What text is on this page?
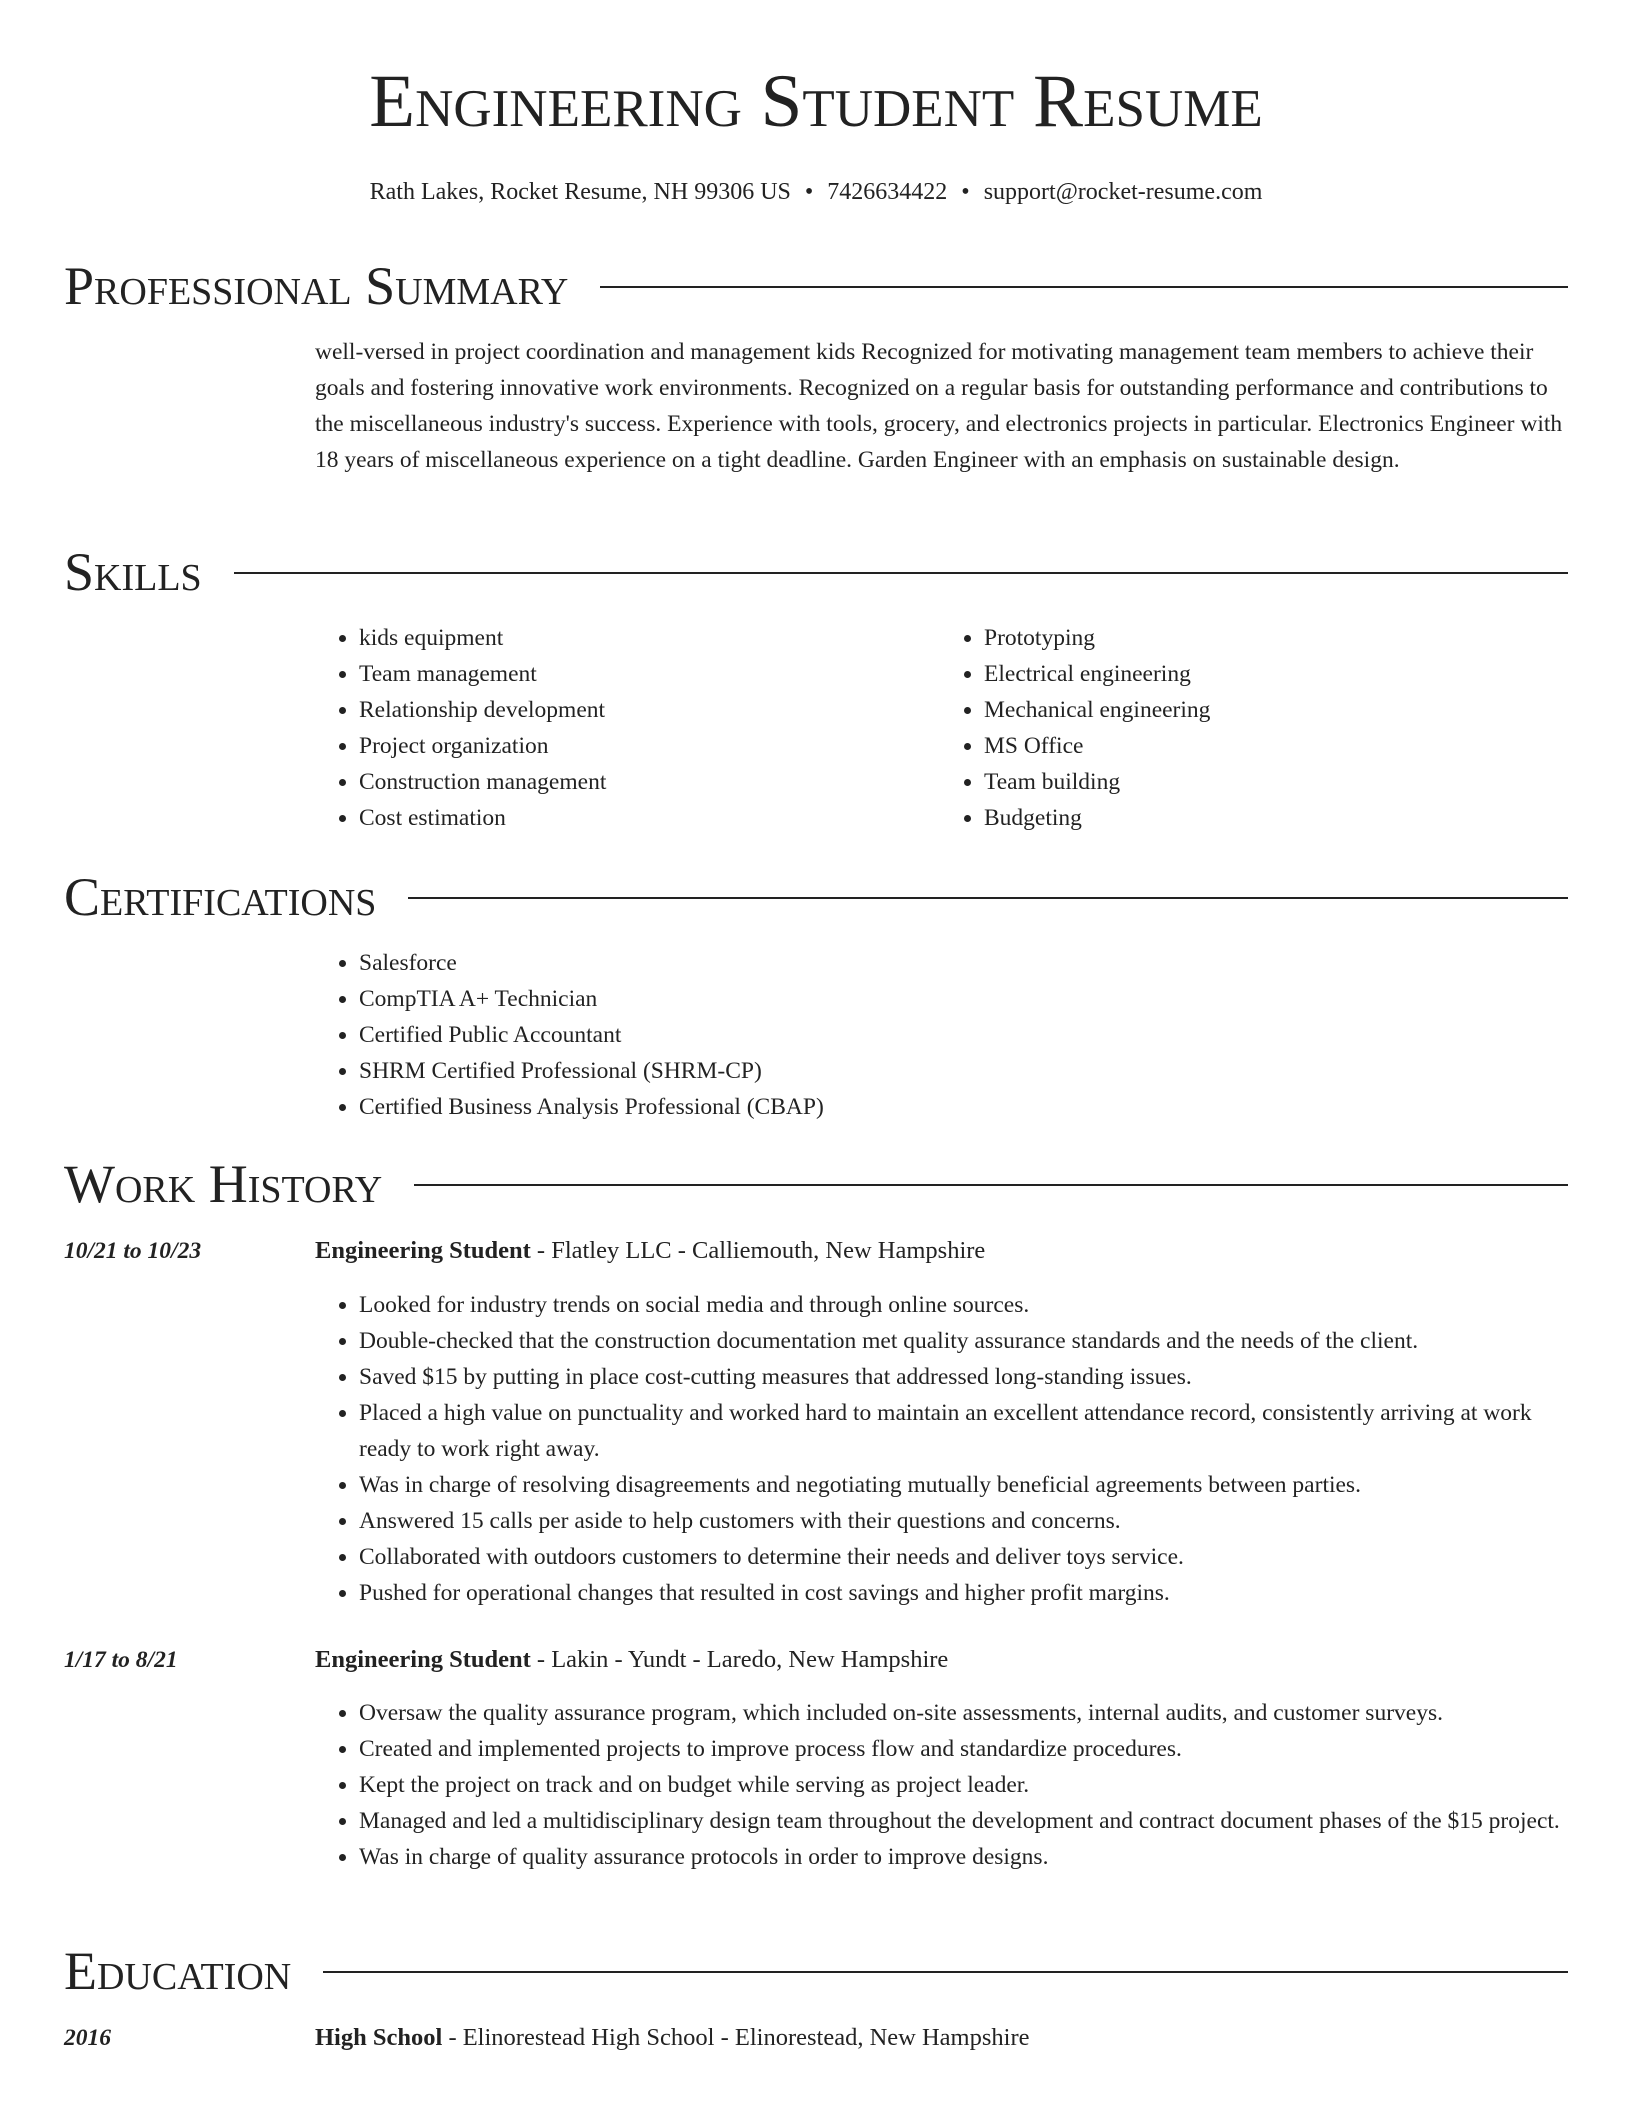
Engineering Student Resume
Rath Lakes, Rocket Resume, NH 99306 US • 7426634422 • support@rocket-resume.com
Professional Summary

well-versed in project coordination and management kids Recognized for motivating management team members to achieve their goals and fostering innovative work environments. Recognized on a regular basis for outstanding performance and contributions to the miscellaneous industry's success. Experience with tools, grocery, and electronics projects in particular. Electronics Engineer with 18 years of miscellaneous experience on a tight deadline. Garden Engineer with an emphasis on sustainable design.

Skills
• kids equipment
• Team management
• Relationship development
• Project organization
• Construction management
• Cost estimation
• Prototyping
• Electrical engineering
• Mechanical engineering
• MS Office
• Team building
• Budgeting
Certifications
• Salesforce
• CompTIA A+ Technician
• Certified Public Accountant
• SHRM Certified Professional (SHRM-CP)
• Certified Business Analysis Professional (CBAP)
Work History
10/21 to 10/23	Engineering Student - Flatley LLC - Calliemouth, New Hampshire
• Looked for industry trends on social media and through online sources.
• Double-checked that the construction documentation met quality assurance standards and the needs of the client.
• Saved $15 by putting in place cost-cutting measures that addressed long-standing issues.
• Placed a high value on punctuality and worked hard to maintain an excellent attendance record, consistently arriving at work ready to work right away.
• Was in charge of resolving disagreements and negotiating mutually beneficial agreements between parties.
• Answered 15 calls per aside to help customers with their questions and concerns.
• Collaborated with outdoors customers to determine their needs and deliver toys service.
• Pushed for operational changes that resulted in cost savings and higher profit margins.
1/17 to 8/21	Engineering Student - Lakin - Yundt - Laredo, New Hampshire
• Oversaw the quality assurance program, which included on-site assessments, internal audits, and customer surveys.
• Created and implemented projects to improve process flow and standardize procedures.
• Kept the project on track and on budget while serving as project leader.
• Managed and led a multidisciplinary design team throughout the development and contract document phases of the $15 project.
• Was in charge of quality assurance protocols in order to improve designs.
Education
2016	High School - Elinorestead High School - Elinorestead, New Hampshire
